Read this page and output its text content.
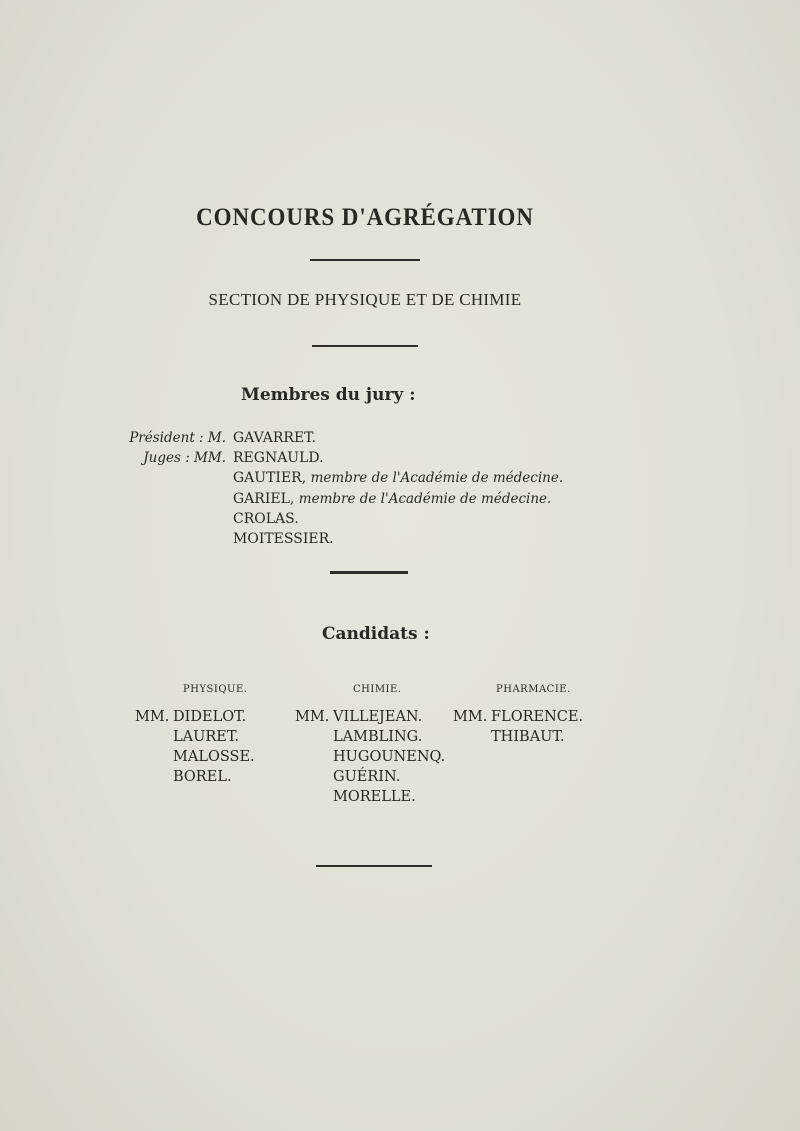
CONCOURS D'AGRÉGATION
SECTION DE PHYSIQUE ET DE CHIMIE
Membres du jury :
Président : M. GAVARRET.
Juges : MM. REGNAULD.
GAUTIER, membre de l'Académie de médecine.
GARIEL, membre de l'Académie de médecine.
CROLAS.
MOITESSIER.
Candidats :
PHYSIQUE.	CHIMIE.	PHARMACIE.
MM. DIDELOT.
LAURET.
MALOSSE.
BOREL.
MM. VILLEJEAN.
LAMBLING.
HUGOUNENQ.
GUÉRIN.
MORELLE.
MM. FLORENCE.
THIBAUT.
